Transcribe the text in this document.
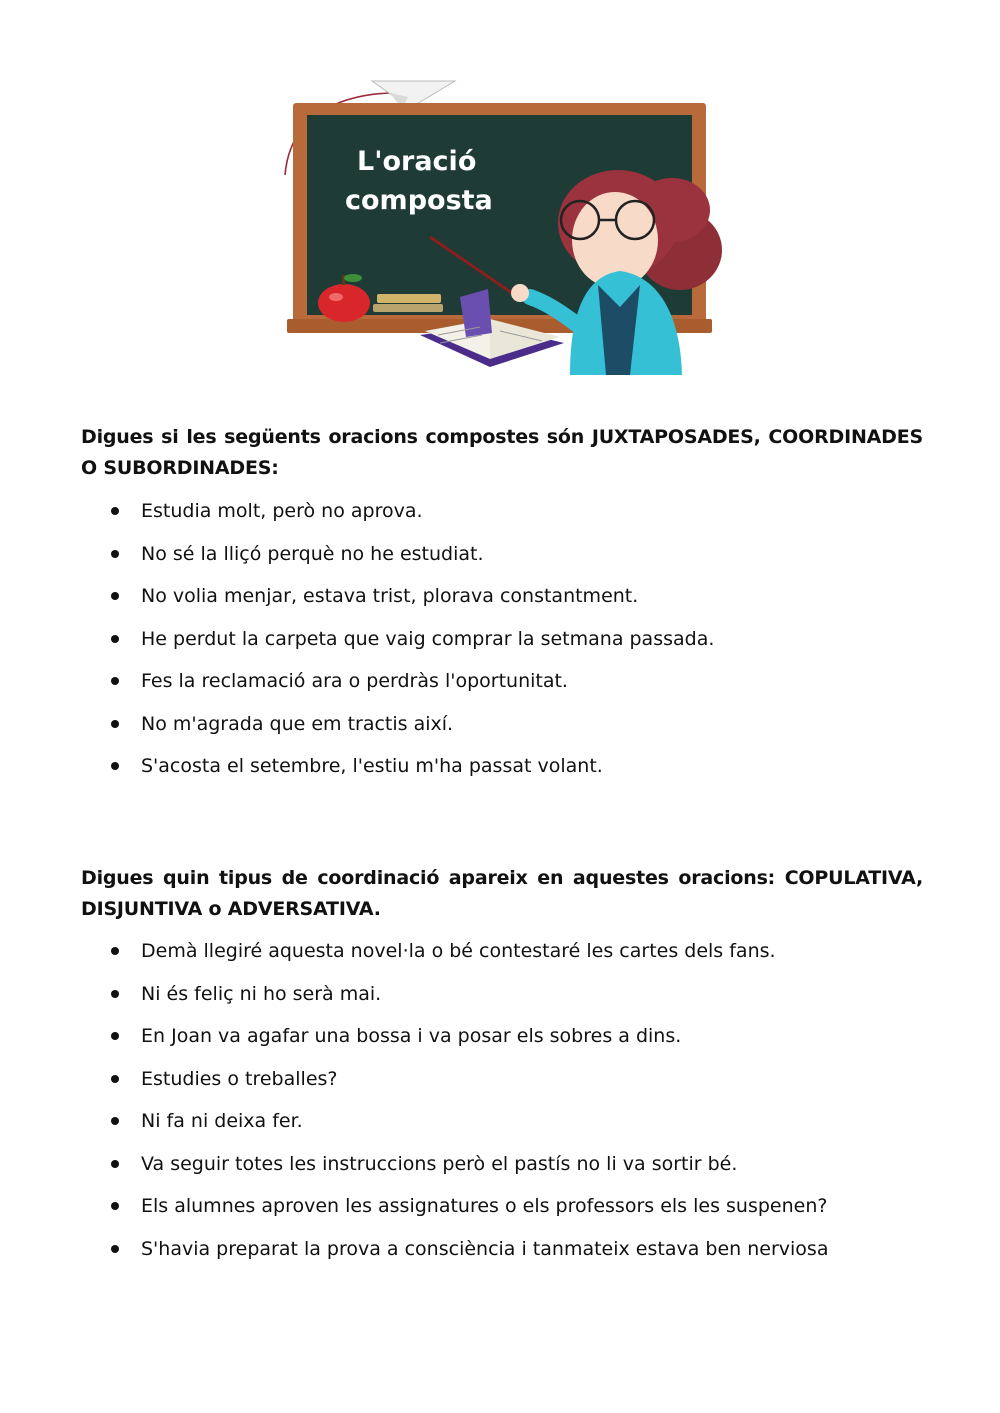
L'oració
composta
Digues si les següents oracions compostes són JUXTAPOSADES, COORDINADES O SUBORDINADES:
Estudia molt, però no aprova.
No sé la lliçó perquè no he estudiat.
No volia menjar, estava trist, plorava constantment.
He perdut la carpeta que vaig comprar la setmana passada.
Fes la reclamació ara o perdràs l'oportunitat.
No m'agrada que em tractis així.
S'acosta el setembre, l'estiu m'ha passat volant.
Digues quin tipus de coordinació apareix en aquestes oracions: COPULATIVA, DISJUNTIVA o ADVERSATIVA.
Demà llegiré aquesta novel·la o bé contestaré les cartes dels fans.
Ni és feliç ni ho serà mai.
En Joan va agafar una bossa i va posar els sobres a dins.
Estudies o treballes?
Ni fa ni deixa fer.
Va seguir totes les instruccions però el pastís no li va sortir bé.
Els alumnes aproven les assignatures o els professors els les suspenen?
S'havia preparat la prova a consciència i tanmateix estava ben nerviosa
